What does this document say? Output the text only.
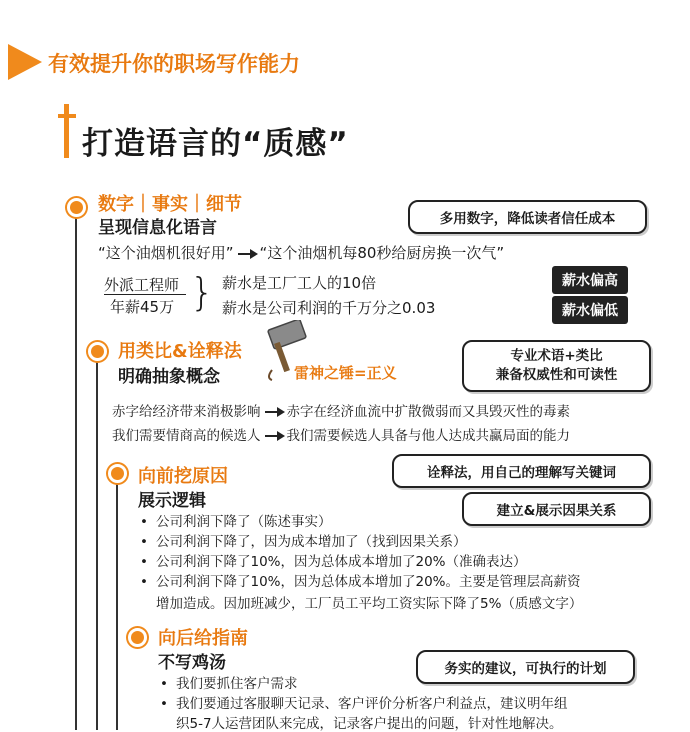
有效提升你的职场写作能力
打造语言的“质感”
数字｜事实｜细节
呈现信息化语言	多用数字，降低读者信任成本
“这个油烟机很好用” “这个油烟机每80秒给厨房换一次气”
外派工程师
年薪45万 } 薪水是工厂工人的10倍
薪水是公司利润的千万分之0.03
薪水偏高
薪水偏低
用类比&诠释法
明确抽象概念	雷神之锤=正义
专业术语+类比
兼备权威性和可读性
赤字给经济带来消极影响 赤字在经济血流中扩散微弱而又具毁灭性的毒素
我们需要情商高的候选人 我们需要候选人具备与他人达成共赢局面的能力
诠释法，用自己的理解写关键词
向前挖原因
展示逻辑	建立&展示因果关系
• 公司利润下降了（陈述事实）
• 公司利润下降了，因为成本增加了（找到因果关系）
• 公司利润下降了10%，因为总体成本增加了20%（准确表达）
• 公司利润下降了10%，因为总体成本增加了20%。主要是管理层高薪资
增加造成。因加班减少，工厂员工平均工资实际下降了5%（质感文字）
向后给指南
不写鸡汤	务实的建议，可执行的计划
• 我们要抓住客户需求
• 我们要通过客服聊天记录、客户评价分析客户利益点，建议明年组
织5-7人运营团队来完成，记录客户提出的问题，针对性地解决。
